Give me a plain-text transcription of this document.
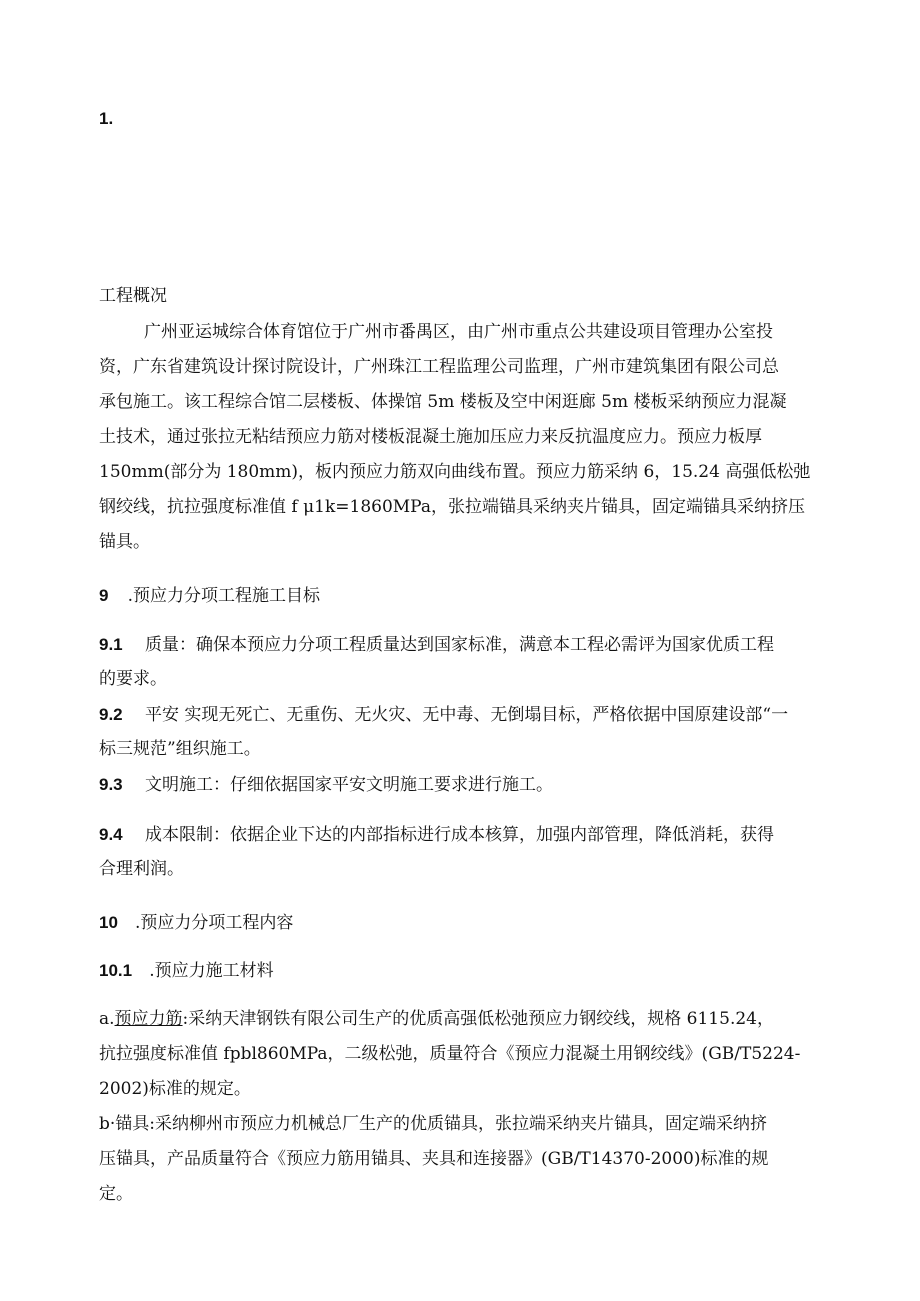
1.
工程概况
广州亚运城综合体育馆位于广州市番禺区，由广州市重点公共建设项目管理办公室投
资，广东省建筑设计探讨院设计，广州珠江工程监理公司监理，广州市建筑集团有限公司总
承包施工。该工程综合馆二层楼板、体操馆 5m 楼板及空中闲逛廊 5m 楼板采纳预应力混凝
土技术，通过张拉无粘结预应力筋对楼板混凝土施加压应力来反抗温度应力。预应力板厚
150mm(部分为 180mm)，板内预应力筋双向曲线布置。预应力筋采纳 6，15.24 高强低松弛
钢绞线，抗拉强度标准值 f μ1k=1860MPa，张拉端锚具采纳夹片锚具，固定端锚具采纳挤压
锚具。
9 .预应力分项工程施工目标
9.1 质量：确保本预应力分项工程质量达到国家标准，满意本工程必需评为国家优质工程
的要求。
9.2 平安 实现无死亡、无重伤、无火灾、无中毒、无倒塌目标，严格依据中国原建设部“一
标三规范”组织施工。
9.3 文明施工：仔细依据国家平安文明施工要求进行施工。
9.4 成本限制：依据企业下达的内部指标进行成本核算，加强内部管理，降低消耗，获得
合理利润。
10 .预应力分项工程内容
10.1 .预应力施工材料
a.预应力筋:采纳天津钢铁有限公司生产的优质高强低松弛预应力钢绞线，规格 6115.24，
抗拉强度标准值 fpbl860MPa，二级松弛，质量符合《预应力混凝土用钢绞线》(GB/T5224-
2002)标准的规定。
b·锚具:采纳柳州市预应力机械总厂生产的优质锚具，张拉端采纳夹片锚具，固定端采纳挤
压锚具，产品质量符合《预应力筋用锚具、夹具和连接器》(GB/T14370-2000)标准的规
定。
